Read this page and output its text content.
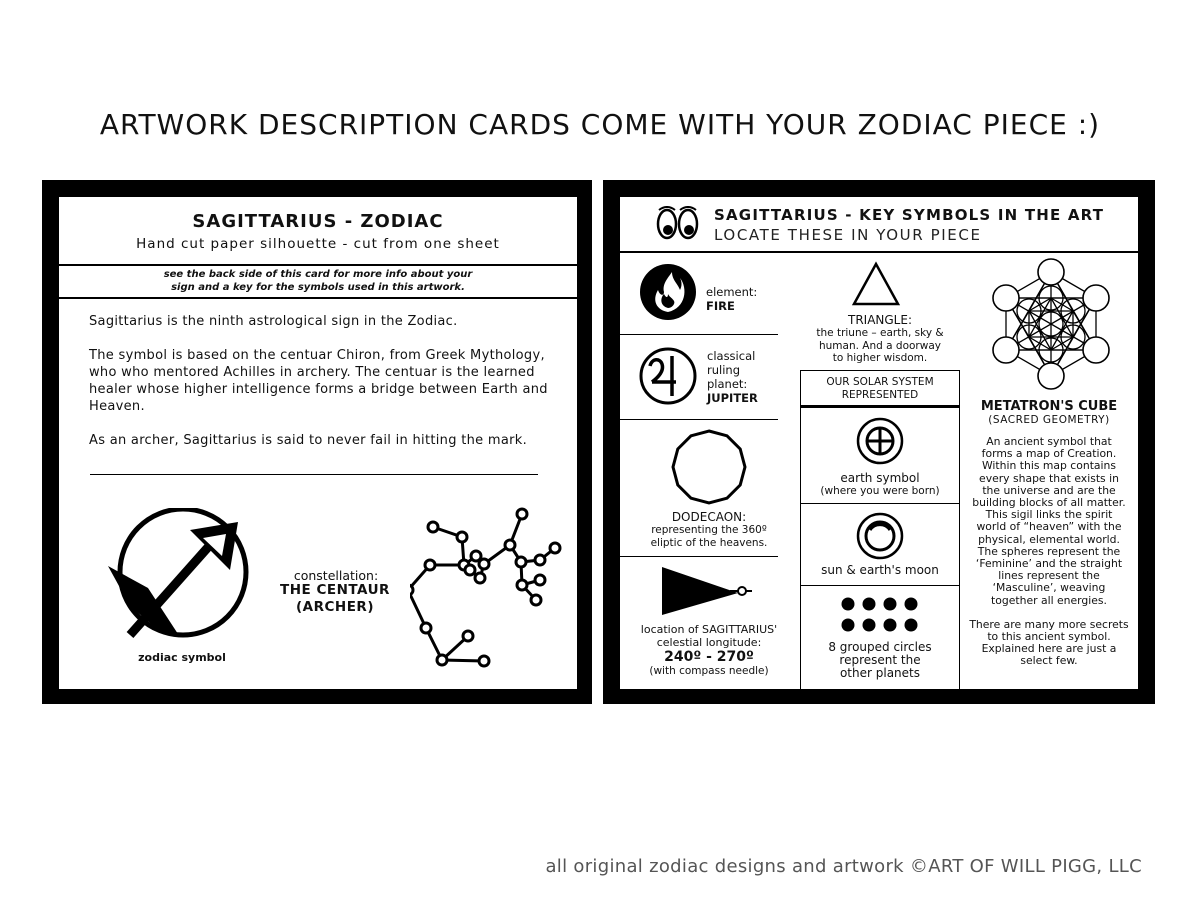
ARTWORK DESCRIPTION CARDS COME WITH YOUR ZODIAC PIECE :)
SAGITTARIUS - ZODIAC
Hand cut paper silhouette - cut from one sheet
see the back side of this card for more info about your
sign and a key for the symbols used in this artwork.

Sagittarius is the ninth astrological sign in the Zodiac.

The symbol is based on the centuar Chiron, from Greek Mythology, who who mentored Achilles in archery. The centuar is the learned healer whose higher intelligence forms a bridge between Earth and Heaven.

As an archer, Sagittarius is said to never fail in hitting the mark.

zodiac symbol
constellation:
THE CENTAUR
(ARCHER)
SAGITTARIUS - KEY SYMBOLS IN THE ART
LOCATE THESE IN YOUR PIECE
element:
FIRE
classical
ruling
planet:
JUPITER
DODECAON:
representing the 360º
eliptic of the heavens.
location of SAGITTARIUS'
celestial longitude:
240º - 270º
(with compass needle)
TRIANGLE:
the triune – earth, sky &
human. And a doorway
to higher wisdom.
OUR SOLAR SYSTEM
REPRESENTED
earth symbol
(where you were born)
sun & earth's moon
8 grouped circles
represent the
other planets
METATRON'S CUBE
(SACRED GEOMETRY)
An ancient symbol that
forms a map of Creation.
Within this map contains
every shape that exists in
the universe and are the
building blocks of all matter.
This sigil links the spirit
world of “heaven” with the
physical, elemental world.
The spheres represent the
‘Feminine’ and the straight
lines represent the
‘Masculine’, weaving
together all energies.
There are many more secrets
to this ancient symbol.
Explained here are just a
select few.
all original zodiac designs and artwork ©ART OF WILL PIGG, LLC
